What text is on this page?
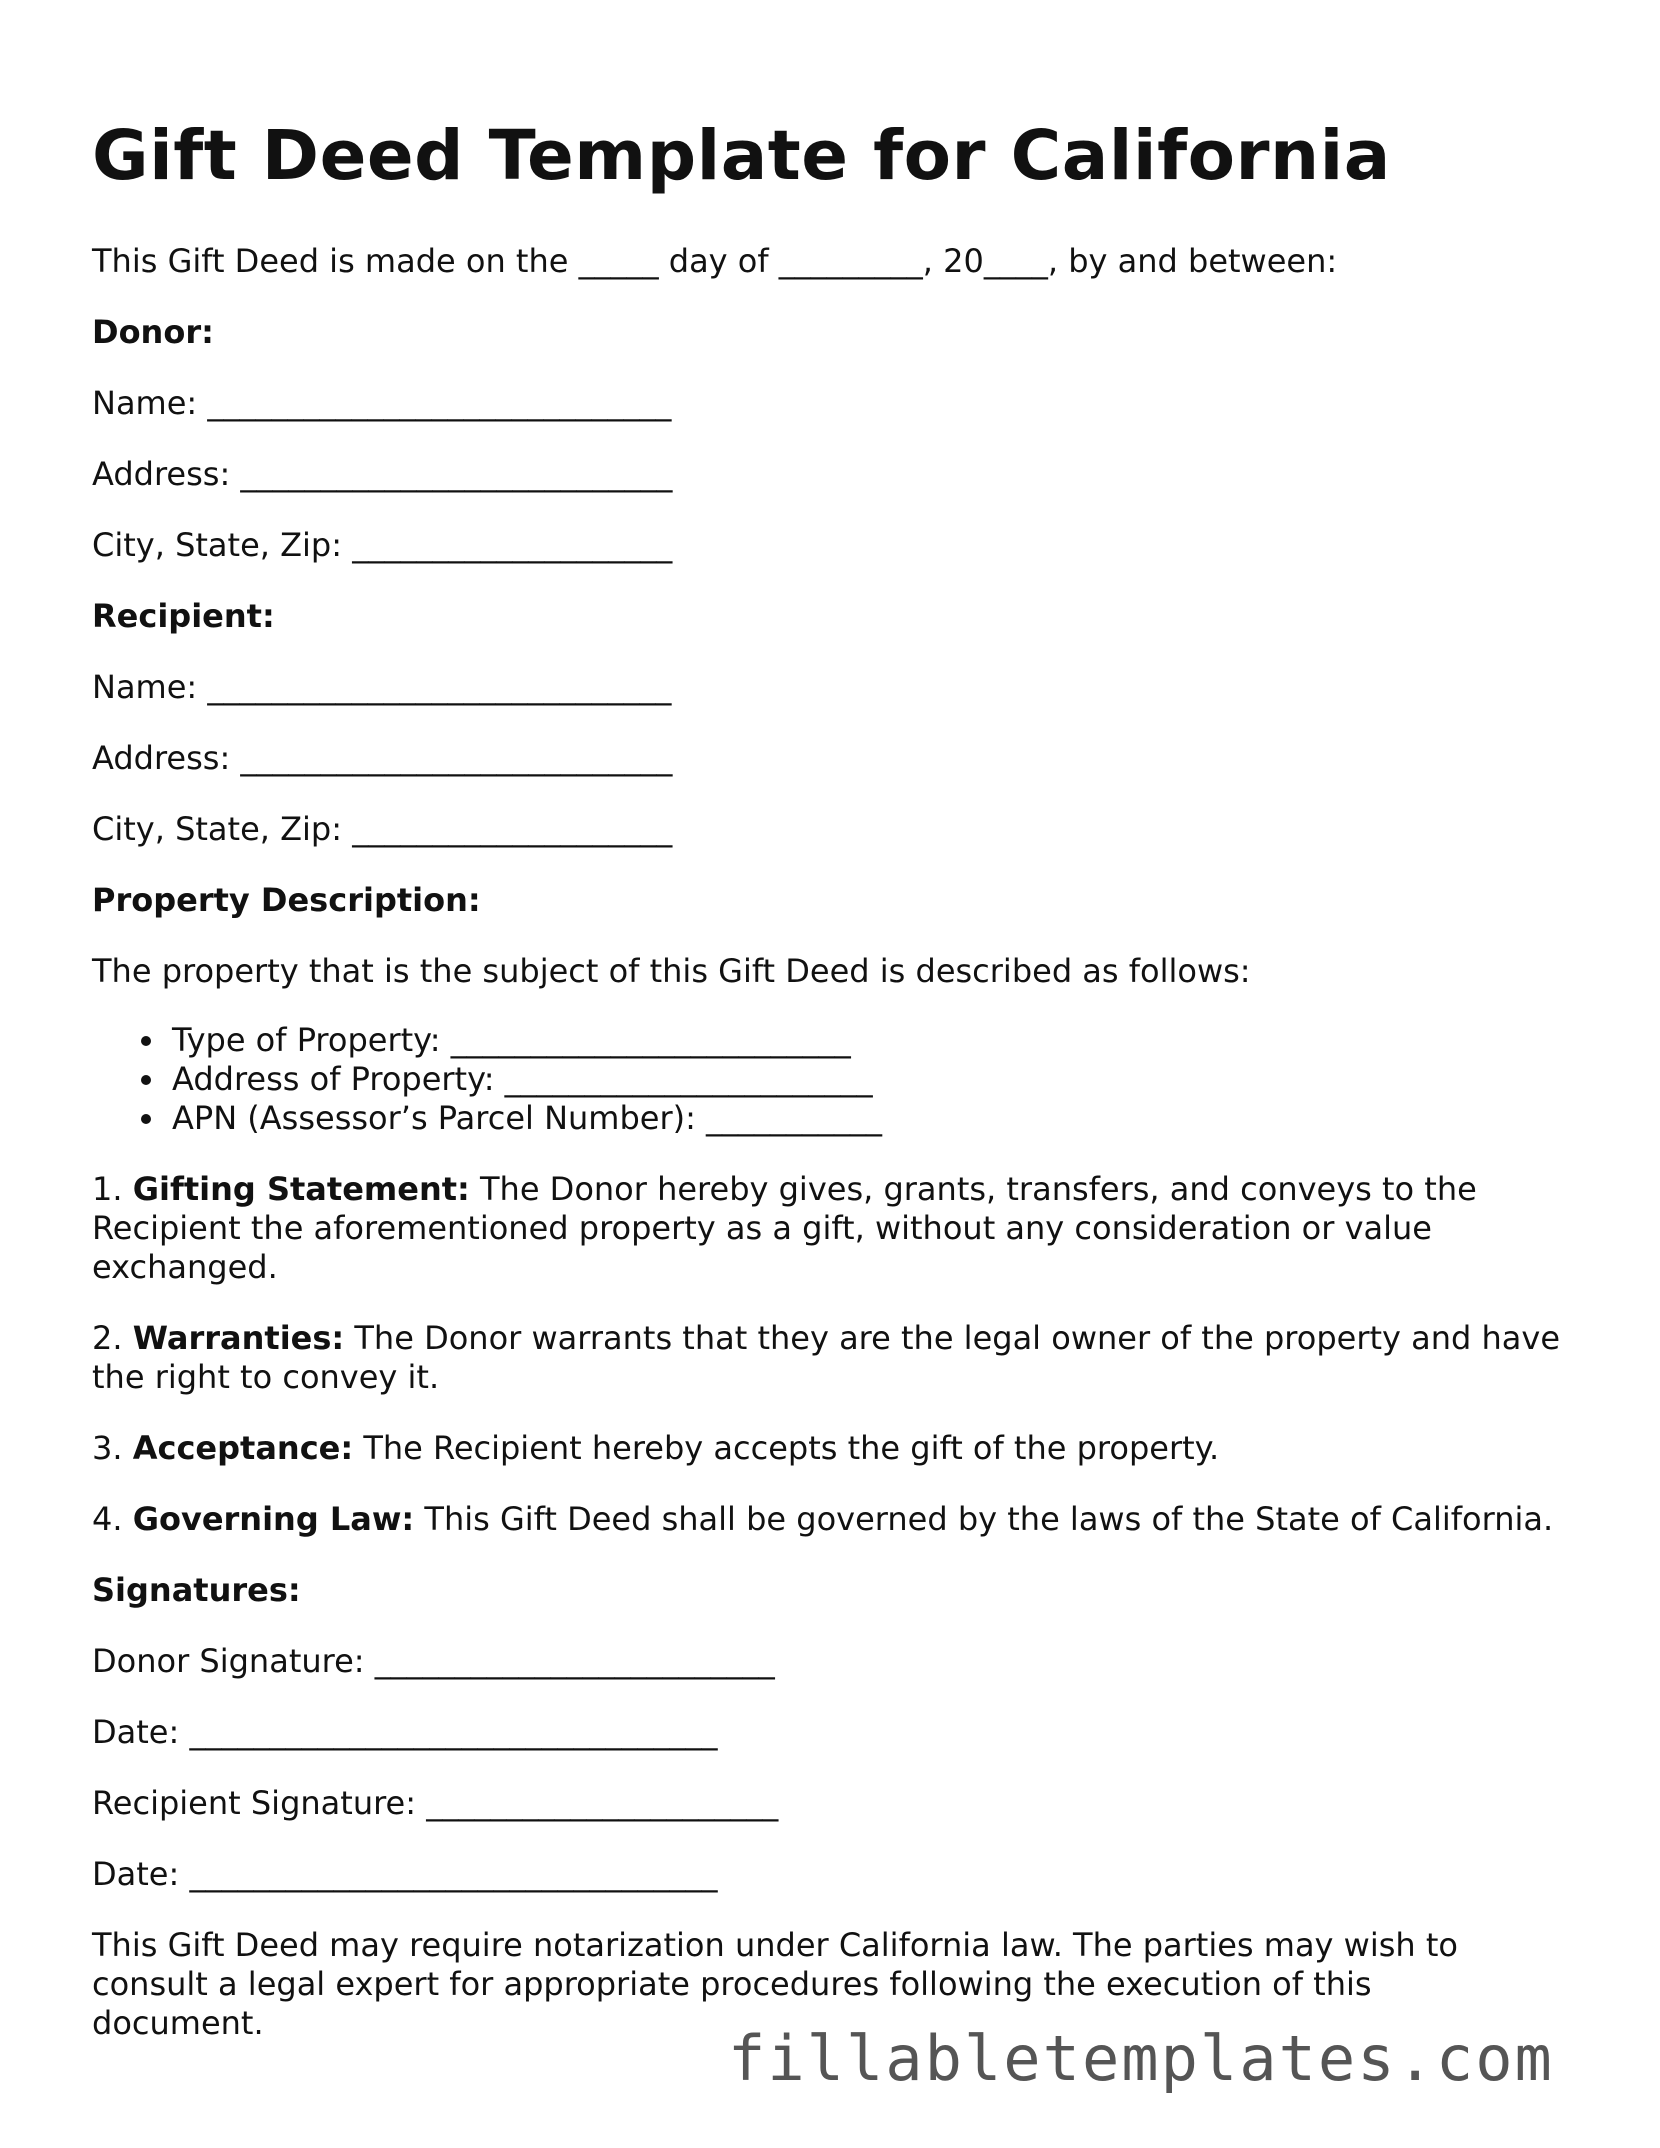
Gift Deed Template for California

This Gift Deed is made on the _____ day of _________, 20____, by and between:

Donor:

Name: _____________________________

Address: ___________________________

City, State, Zip: ____________________

Recipient:

Name: _____________________________

Address: ___________________________

City, State, Zip: ____________________

Property Description:

The property that is the subject of this Gift Deed is described as follows:

Type of Property: _________________________
Address of Property: _______________________
APN (Assessor’s Parcel Number): ___________

1. Gifting Statement: The Donor hereby gives, grants, transfers, and conveys to the Recipient the aforementioned property as a gift, without any consideration or value exchanged.

2. Warranties: The Donor warrants that they are the legal owner of the property and have the right to convey it.

3. Acceptance: The Recipient hereby accepts the gift of the property.

4. Governing Law: This Gift Deed shall be governed by the laws of the State of California.

Signatures:

Donor Signature: _________________________

Date: _________________________________

Recipient Signature: ______________________

Date: _________________________________

This Gift Deed may require notarization under California law. The parties may wish to consult a legal expert for appropriate procedures following the execution of this document.	fillabletemplates.com
